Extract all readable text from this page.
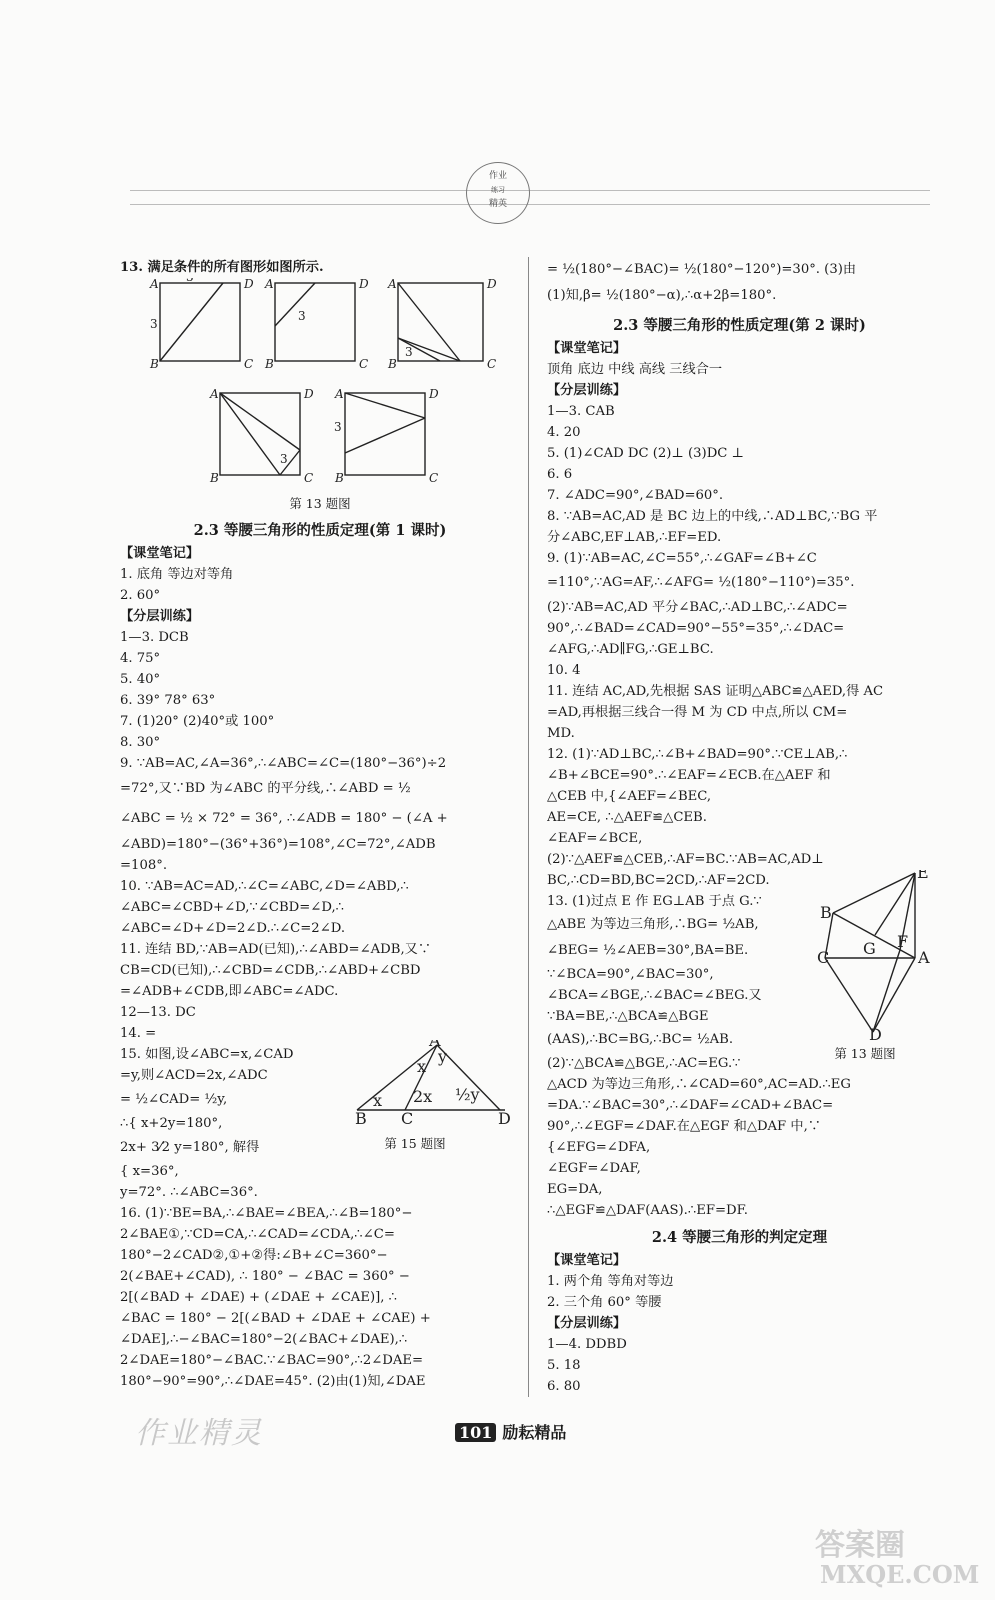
作业
练习
精英
13. 满足条件的所有图形如图所示.
A	D
B	C
3
A	D
B	C
3
A	D
B	C
3
A	D
B	C
3
A	D
B	C
3
第 13 题图
2.3 等腰三角形的性质定理(第 1 课时)
【课堂笔记】
1. 底角 等边对等角
2. 60°
【分层训练】
1—3. DCB
4. 75°
5. 40°
6. 39° 78° 63°
7. (1)20° (2)40°或 100°
8. 30°
9. ∵AB=AC,∠A=36°,∴∠ABC=∠C=(180°−36°)÷2
=72°,又∵BD 为∠ABC 的平分线,∴∠ABD = ½
∠ABC = ½ × 72° = 36°, ∴∠ADB = 180° − (∠A +
∠ABD)=180°−(36°+36°)=108°,∠C=72°,∠ADB
=108°.
10. ∵AB=AC=AD,∴∠C=∠ABC,∠D=∠ABD,∴
∠ABC=∠CBD+∠D,∵∠CBD=∠D,∴
∠ABC=∠D+∠D=2∠D.∴∠C=2∠D.
11. 连结 BD,∵AB=AD(已知),∴∠ABD=∠ADB,又∵
CB=CD(已知),∴∠CBD=∠CDB,∴∠ABD+∠CBD
=∠ADB+∠CDB,即∠ABC=∠ADC.
12—13. DC
14. =
15. 如图,设∠ABC=x,∠CAD
=y,则∠ACD=2x,∠ADC
= ½∠CAD= ½y,
∴{ x+2y=180°,
2x+ 3⁄2 y=180°, 解得
{ x=36°,
y=72°. ∴∠ABC=36°.
16. (1)∵BE=BA,∴∠BAE=∠BEA,∴∠B=180°−
2∠BAE①,∵CD=CA,∴∠CAD=∠CDA,∴∠C=
180°−2∠CAD②,①+②得:∠B+∠C=360°−
2(∠BAE+∠CAD), ∴ 180° − ∠BAC = 360° −
2[(∠BAD + ∠DAE) + (∠DAE + ∠CAE)], ∴
∠BAC = 180° − 2[(∠BAD + ∠DAE + ∠CAE) +
∠DAE],∴−∠BAC=180°−2(∠BAC+∠DAE),∴
2∠DAE=180°−∠BAC.∵∠BAC=90°,∴2∠DAE=
180°−90°=90°,∴∠DAE=45°. (2)由(1)知,∠DAE
A
B C	D
x
x
y
2x ½y
第 15 题图
= ½(180°−∠BAC)= ½(180°−120°)=30°. (3)由
(1)知,β= ½(180°−α),∴α+2β=180°.
2.3 等腰三角形的性质定理(第 2 课时)
【课堂笔记】
顶角 底边 中线 高线 三线合一
【分层训练】
1—3. CAB
4. 20
5. (1)∠CAD DC (2)⊥ (3)DC ⊥
6. 6
7. ∠ADC=90°,∠BAD=60°.
8. ∵AB=AC,AD 是 BC 边上的中线,∴AD⊥BC,∵BG 平
分∠ABC,EF⊥AB,∴EF=ED.
9. (1)∵AB=AC,∠C=55°,∴∠GAF=∠B+∠C
=110°,∵AG=AF,∴∠AFG= ½(180°−110°)=35°.
(2)∵AB=AC,AD 平分∠BAC,∴AD⊥BC,∴∠ADC=
90°,∴∠BAD=∠CAD=90°−55°=35°,∴∠DAC=
∠AFG,∴AD∥FG,∴GE⊥BC.
10. 4
11. 连结 AC,AD,先根据 SAS 证明△ABC≌△AED,得 AC
=AD,再根据三线合一得 M 为 CD 中点,所以 CM=
MD.
12. (1)∵AD⊥BC,∴∠B+∠BAD=90°.∵CE⊥AB,∴
∠B+∠BCE=90°.∴∠EAF=∠ECB.在△AEF 和
△CEB 中,{∠AEF=∠BEC,
AE=CE, ∴△AEF≌△CEB.
∠EAF=∠BCE,
(2)∵△AEF≌△CEB,∴AF=BC.∵AB=AC,AD⊥
BC,∴CD=BD,BC=2CD,∴AF=2CD.
13. (1)过点 E 作 EG⊥AB 于点 G.∵
△ABE 为等边三角形,∴BG= ½AB,
∠BEG= ½∠AEB=30°,BA=BE.
∵∠BCA=90°,∠BAC=30°,
∠BCA=∠BGE,∴∠BAC=∠BEG.又
∵BA=BE,∴△BCA≌△BGE
(AAS),∴BC=BG,∴BC= ½AB.
(2)∵△BCA≌△BGE,∴AC=EG.∵
△ACD 为等边三角形,∴∠CAD=60°,AC=AD.∴EG
=DA.∵∠BAC=30°,∴∠DAF=∠CAD+∠BAC=
90°,∴∠EGF=∠DAF.在△EGF 和△DAF 中,∵
{∠EFG=∠DFA,
∠EGF=∠DAF,
EG=DA,
∴△EGF≌△DAF(AAS).∴EF=DF.
2.4 等腰三角形的判定定理
【课堂笔记】
1. 两个角 等角对等边
2. 三个角 60° 等腰
【分层训练】
1—4. DDBD
5. 18
6. 80
E
B
C	A
G F
D
第 13 题图
101 励耘精品
作业精灵
答案圈
MXQE.COM
